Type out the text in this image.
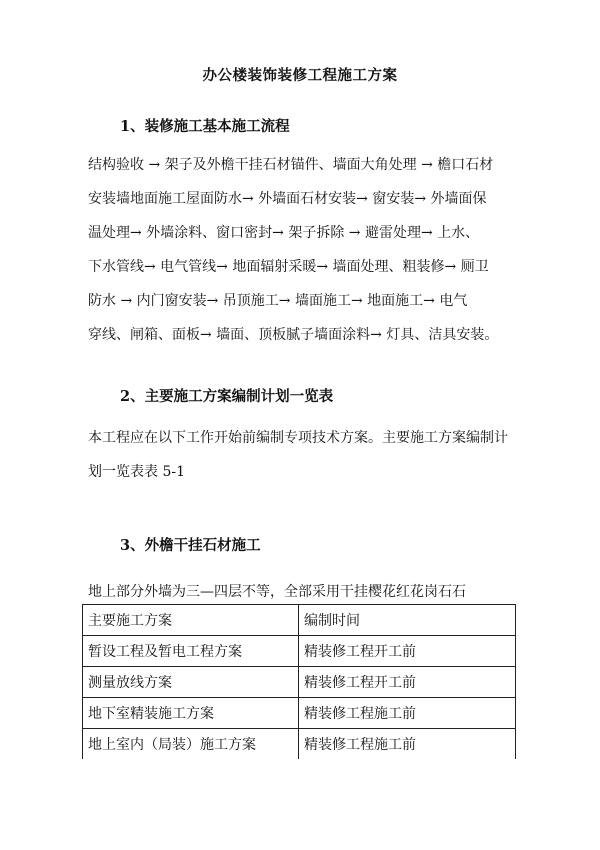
办公楼装饰装修工程施工方案
1、装修施工基本施工流程
结构验收 → 架子及外檐干挂石材锚件、墙面大角处理 → 檐口石材
安装墙地面施工屋面防水→ 外墙面石材安装→ 窗安装→ 外墙面保
温处理→ 外墙涂料、窗口密封→ 架子拆除 → 避雷处理→ 上水、
下水管线→ 电气管线→ 地面辐射采暖→ 墙面处理、粗装修→ 厕卫
防水 → 内门窗安装→ 吊顶施工→ 墙面施工→ 地面施工→ 电气
穿线、闸箱、面板→ 墙面、顶板腻子墙面涂料→ 灯具、洁具安装。
2、主要施工方案编制计划一览表
本工程应在以下工作开始前编制专项技术方案。主要施工方案编制计
划一览表表 5-1
3、外檐干挂石材施工
地上部分外墙为三—四层不等，全部采用干挂樱花红花岗石石
主要施工方案	编制时间
暂设工程及暂电工程方案	精装修工程开工前
测量放线方案	精装修工程开工前
地下室精装施工方案	精装修工程施工前
地上室内（局装）施工方案	精装修工程施工前
